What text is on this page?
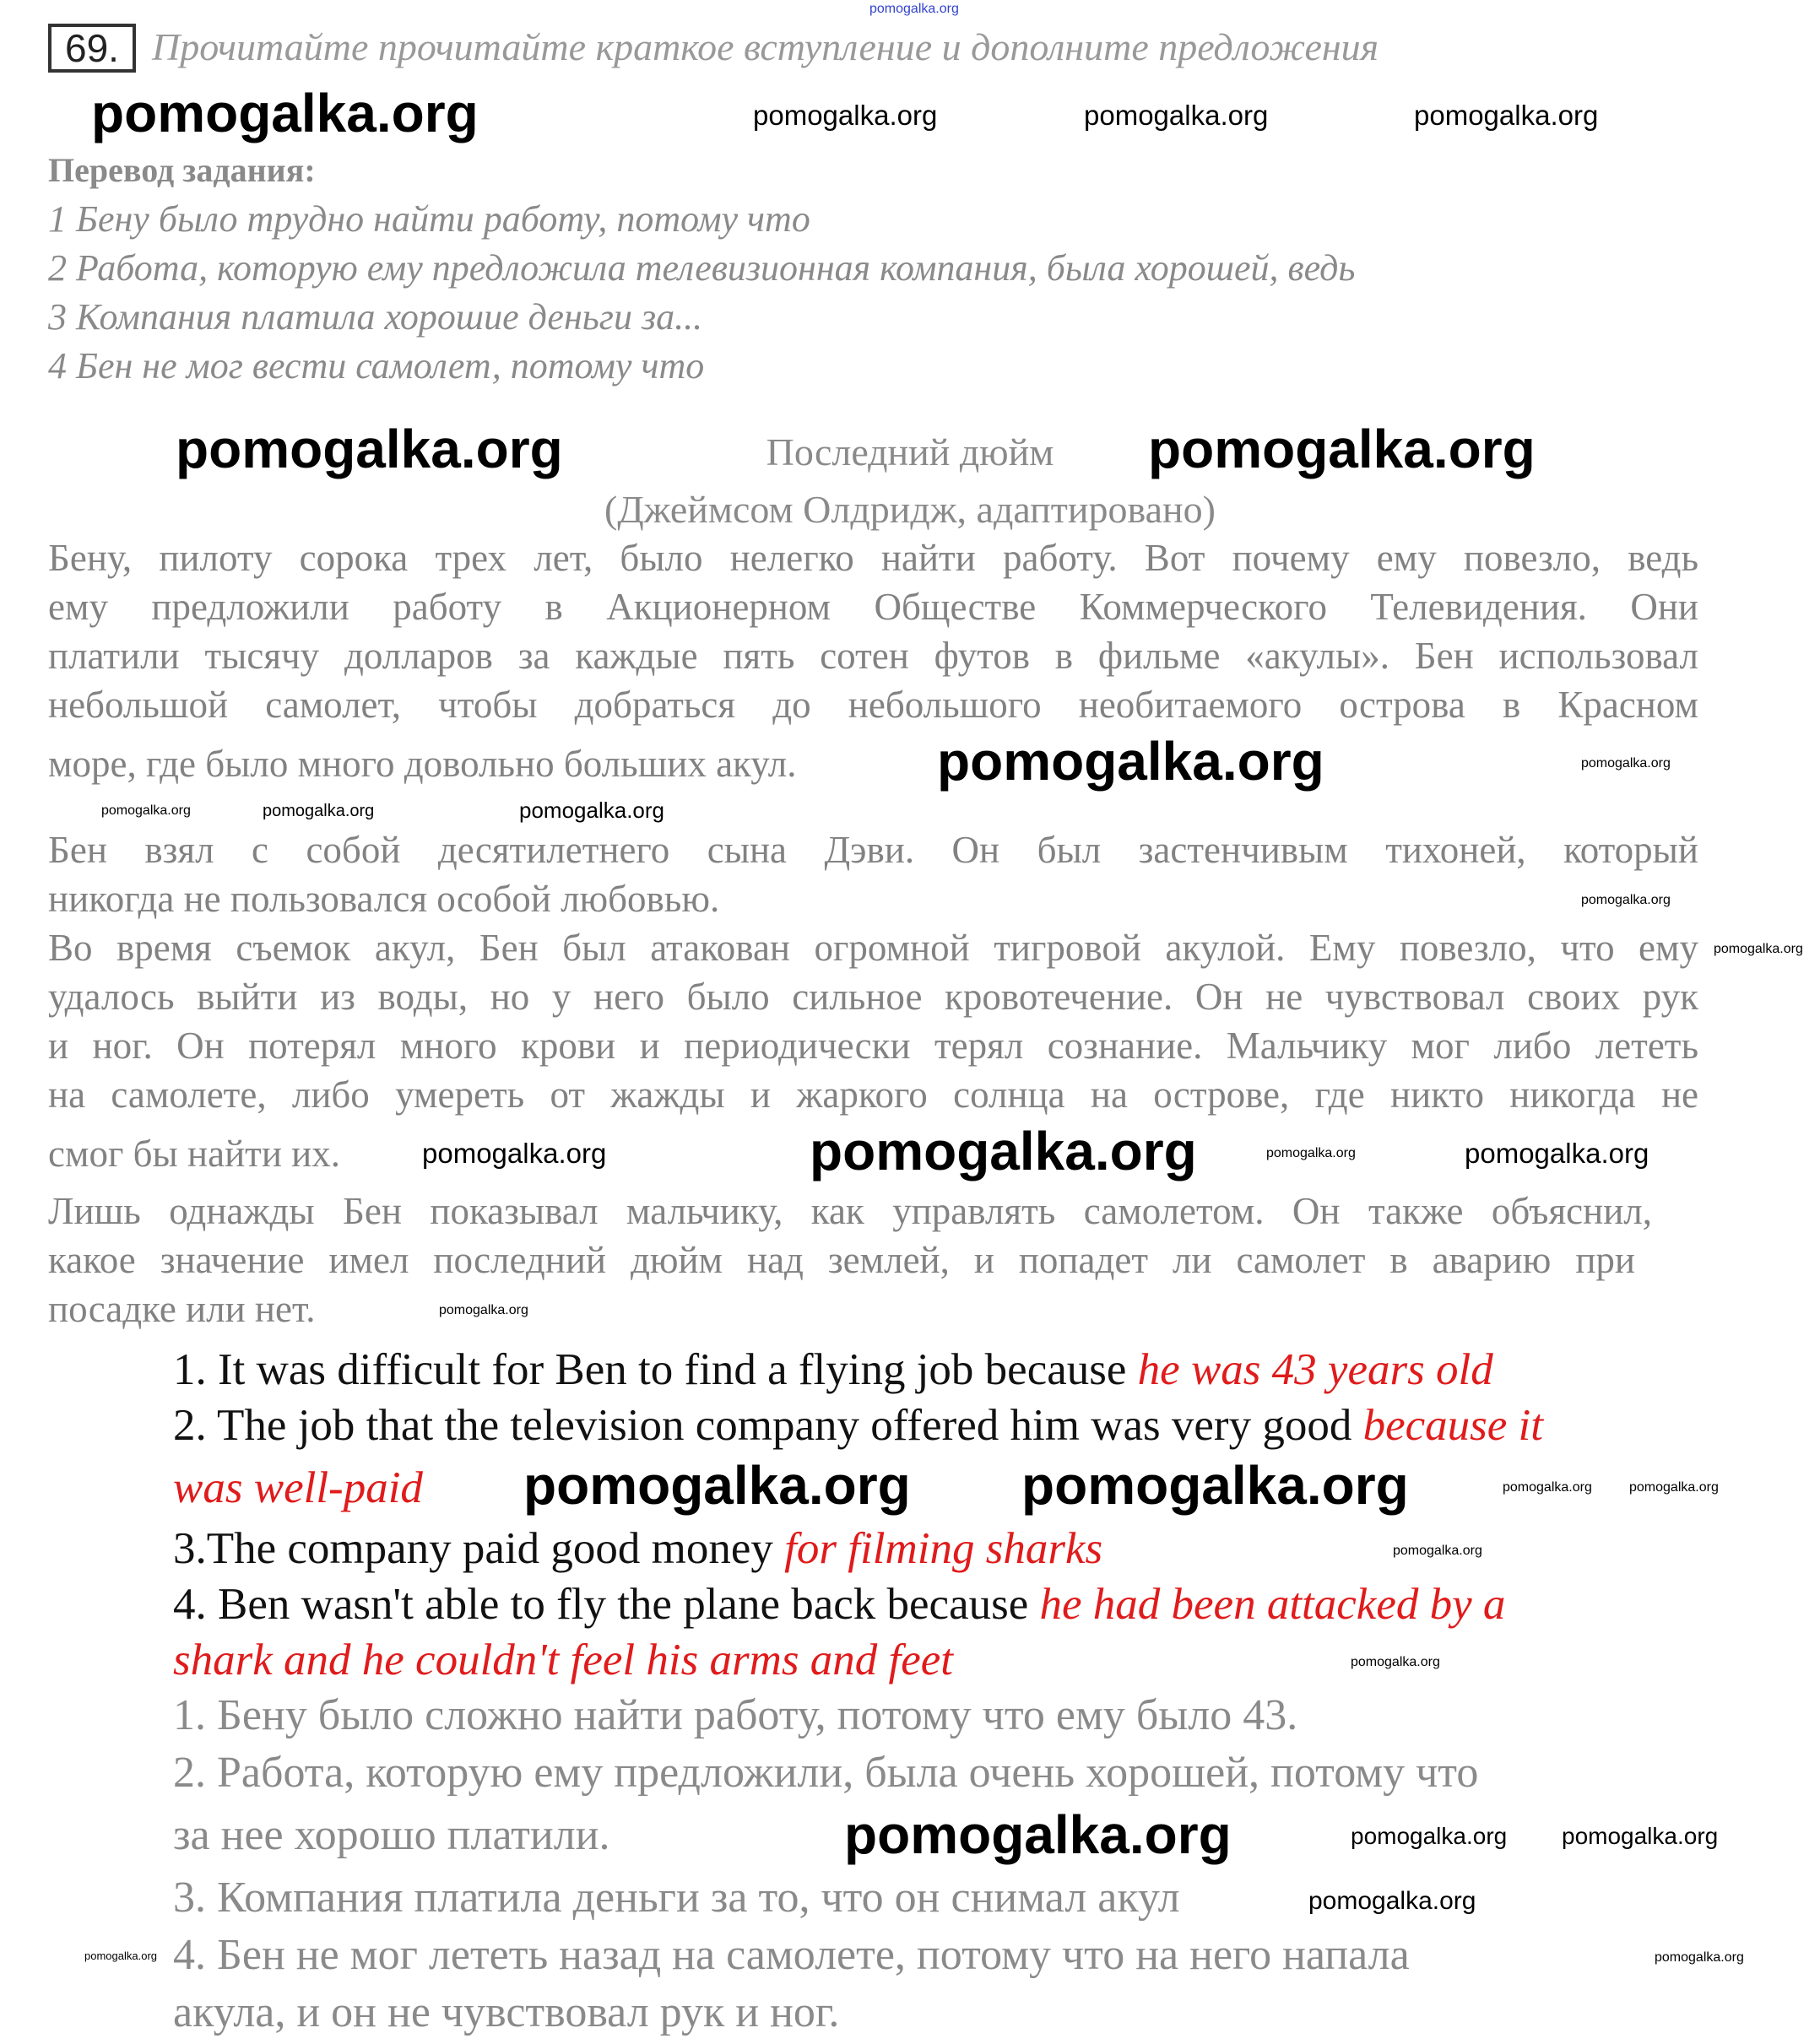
pomogalka.org
69. Прочитайте прочитайте краткое вступление и дополните предложения
pomogalka.org	pomogalka.org	pomogalka.org	pomogalka.org
Перевод задания:
1 Бену было трудно найти работу, потому что
2 Работа, которую ему предложила телевизионная компания, была хорошей, ведь
3 Компания платила хорошие деньги за...
4 Бен не мог вести самолет, потому что
pomogalka.org	Последний дюйм	pomogalka.org
(Джеймсом Олдридж, адаптировано)
Бену, пилоту сорока трех лет, было нелегко найти работу. Вот почему ему повезло, ведь
ему предложили работу в Акционерном Обществе Коммерческого Телевидения. Они
платили тысячу долларов за каждые пять сотен футов в фильме «акулы». Бен использовал
небольшой самолет, чтобы добраться до небольшого необитаемого острова в Красном
море, где было много довольно больших акул.	pomogalka.org	pomogalka.org
pomogalka.org	pomogalka.org	pomogalka.org
Бен взял с собой десятилетнего сына Дэви. Он был застенчивым тихоней, который
никогда не пользовался особой любовью.	pomogalka.org
Во время съемок акул, Бен был атакован огромной тигровой акулой. Ему повезло, что ему pomogalka.org
удалось выйти из воды, но у него было сильное кровотечение. Он не чувствовал своих рук
и ног. Он потерял много крови и периодически терял сознание. Мальчику мог либо лететь
на самолете, либо умереть от жажды и жаркого солнца на острове, где никто никогда не
смог бы найти их.	pomogalka.org	pomogalka.org	pomogalka.org	pomogalka.org
Лишь однажды Бен показывал мальчику, как управлять самолетом. Он также объяснил,
какое значение имел последний дюйм над землей, и попадет ли самолет в аварию при
посадке или нет.	pomogalka.org
1. It was difficult for Ben to find a flying job because he was 43 years old
2. The job that the television company offered him was very good because it
was well-paid pomogalka.org pomogalka.org	pomogalka.org	pomogalka.org
3.The company paid good money for filming sharks	pomogalka.org
4. Ben wasn't able to fly the plane back because he had been attacked by a
shark and he couldn't feel his arms and feet	pomogalka.org
1. Бену было сложно найти работу, потому что ему было 43.
2. Работа, которую ему предложили, была очень хорошей, потому что
за нее хорошо платили.	pomogalka.org	pomogalka.org pomogalka.org
3. Компания платила деньги за то, что он снимал акул	pomogalka.org
pomogalka.org 4. Бен не мог лететь назад на самолете, потому что на него напала	pomogalka.org
акула, и он не чувствовал рук и ног.
